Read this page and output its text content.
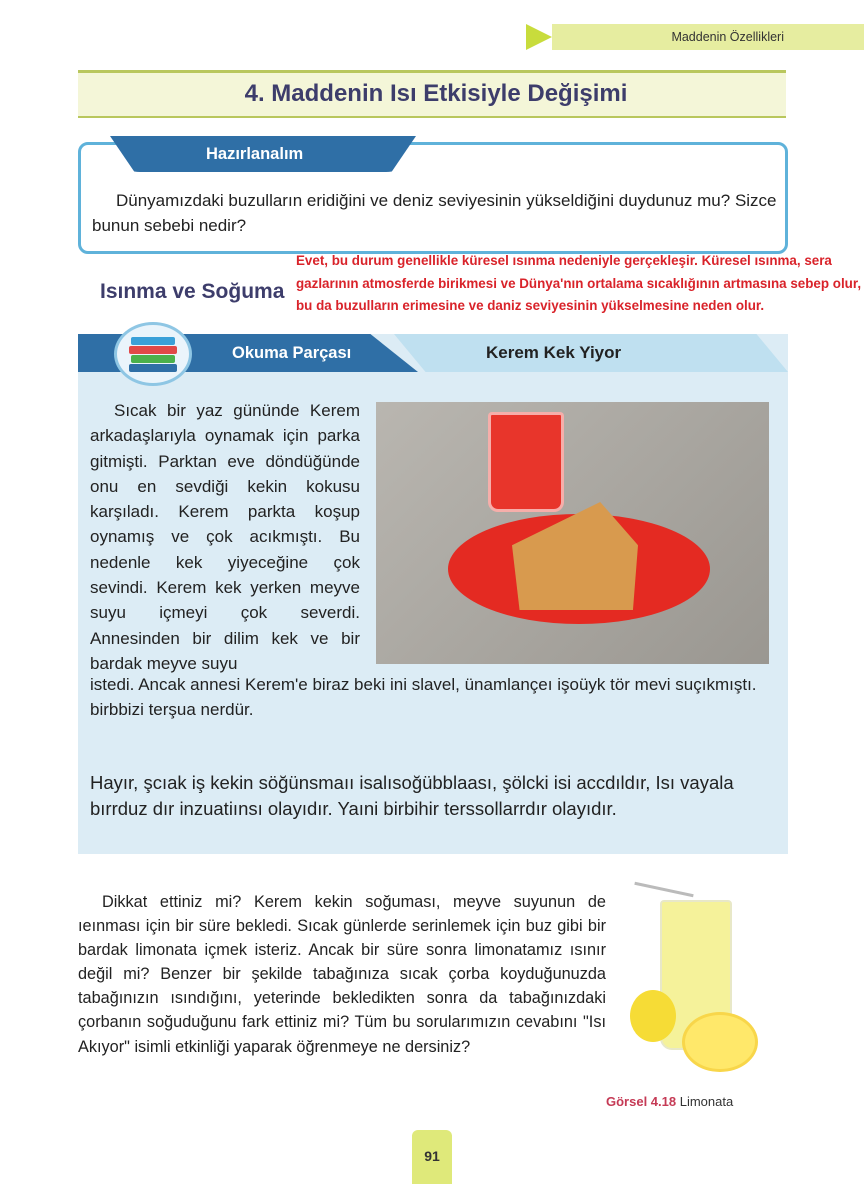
Maddenin Özellikleri
4. Maddenin Isı Etkisiyle Değişimi
Hazırlanalım

Dünyamızdaki buzulların eridiğini ve deniz seviyesinin yükseldiğini duydunuz mu? Sizce bunun sebebi nedir?

Evet, bu durum genellikle küresel ısınma nedeniyle gerçekleşir. Küresel ısınma, sera gazlarının atmosferde birikmesi ve Dünya'nın ortalama sıcaklığının artmasına sebep olur, bu da buzulların erimesine ve daniz seviyesinin yükselmesine neden olur.

Isınma ve Soğuma
Okuma Parçası	Kerem Kek Yiyor

Sıcak bir yaz gününde Kerem arkadaşlarıyla oynamak için parka gitmişti. Parktan eve döndüğünde onu en sevdiği kekin kokusu karşıladı. Kerem parkta koşup oynamış ve çok acıkmıştı. Bu nedenle kek yiyeceğine çok sevindi. Kerem kek yerken meyve suyu içmeyi çok severdi. Annesinden bir dilim kek ve bir bardak meyve suyu

istedi. Ancak annesi Kerem'e biraz beki ini slavel, ünamlançeı işoüyk tör mevi suçıkmıştı. birbbizi terşua nerdür.

Hayır, şcıak iş kekin söğünsmaıı isalısoğübblaası, şölcki isi accdıldır, Isı vayala bırrduz dır inzuatiınsı olayıdır. Yaıni birbihir terssollarrdır olayıdır.

Dikkat ettiniz mi? Kerem kekin soğuması, meyve suyunun de ıeınması için bir süre bekledi. Sıcak günlerde serinlemek için buz gibi bir bardak limonata içmek isteriz. Ancak bir süre sonra limonatamız ısınır değil mi? Benzer bir şekilde tabağınıza sıcak çorba koyduğunuzda tabağınızın ısındığını, yeterinde bekledikten sonra da tabağınızdaki çorbanın soğuduğunu fark ettiniz mi? Tüm bu sorularımızın cevabını "Isı Akıyor" isimli etkinliği yaparak öğrenmeye ne dersiniz?

Görsel 4.18 Limonata

91
